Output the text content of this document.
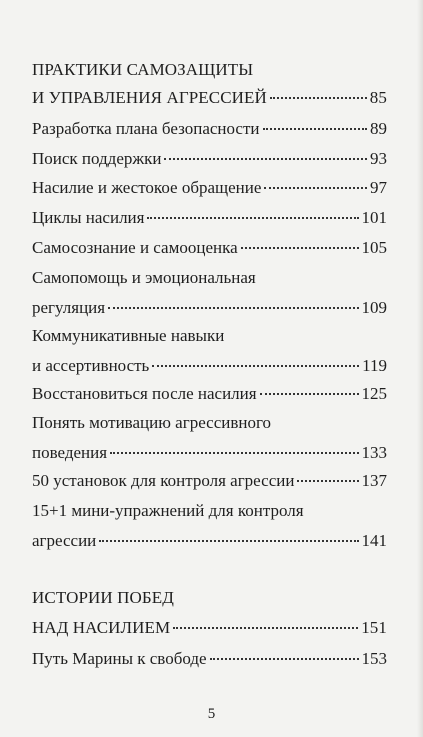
ПРАКТИКИ САМОЗАЩИТЫ
И УПРАВЛЕНИЯ АГРЕССИЕЙ	85
Разработка плана безопасности	89
Поиск поддержки	93
Насилие и жестокое обращение	97
Циклы насилия	101
Самосознание и самооценка	105
Самопомощь и эмоциональная
регуляция	109
Коммуникативные навыки
и ассертивность	119
Восстановиться после насилия	125
Понять мотивацию агрессивного
поведения	133
50 установок для контроля агрессии	137
15+1 мини-упражнений для контроля
агрессии	141
ИСТОРИИ ПОБЕД
НАД НАСИЛИЕМ	151
Путь Марины к свободе	153
5
